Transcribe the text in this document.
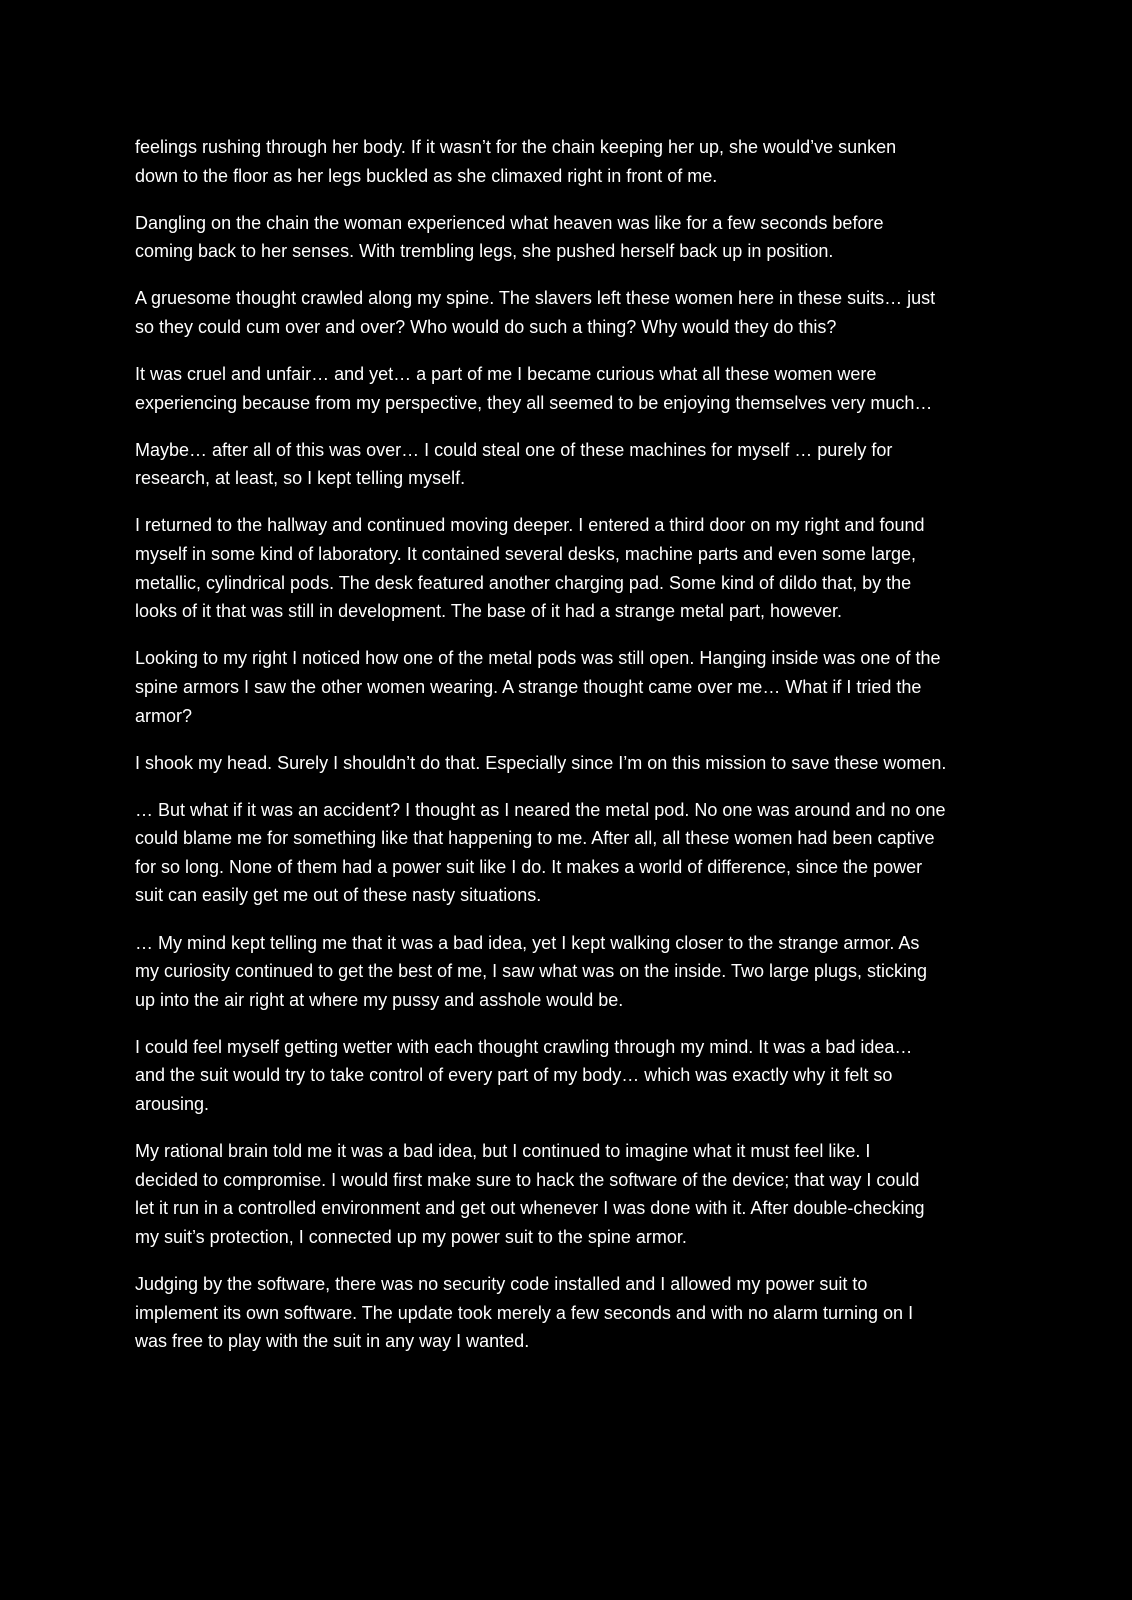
feelings rushing through her body. If it wasn’t for the chain keeping her up, she would’ve sunken
down to the floor as her legs buckled as she climaxed right in front of me.
Dangling on the chain the woman experienced what heaven was like for a few seconds before
coming back to her senses. With trembling legs, she pushed herself back up in position.
A gruesome thought crawled along my spine. The slavers left these women here in these suits… just
so they could cum over and over? Who would do such a thing? Why would they do this?
It was cruel and unfair… and yet… a part of me I became curious what all these women were
experiencing because from my perspective, they all seemed to be enjoying themselves very much…
Maybe… after all of this was over… I could steal one of these machines for myself … purely for
research, at least, so I kept telling myself.
I returned to the hallway and continued moving deeper. I entered a third door on my right and found
myself in some kind of laboratory. It contained several desks, machine parts and even some large,
metallic, cylindrical pods. The desk featured another charging pad. Some kind of dildo that, by the
looks of it that was still in development. The base of it had a strange metal part, however.
Looking to my right I noticed how one of the metal pods was still open. Hanging inside was one of the
spine armors I saw the other women wearing. A strange thought came over me… What if I tried the
armor?
I shook my head. Surely I shouldn’t do that. Especially since I’m on this mission to save these women.
… But what if it was an accident? I thought as I neared the metal pod. No one was around and no one
could blame me for something like that happening to me. After all, all these women had been captive
for so long. None of them had a power suit like I do. It makes a world of difference, since the power
suit can easily get me out of these nasty situations.
… My mind kept telling me that it was a bad idea, yet I kept walking closer to the strange armor. As
my curiosity continued to get the best of me, I saw what was on the inside. Two large plugs, sticking
up into the air right at where my pussy and asshole would be.
I could feel myself getting wetter with each thought crawling through my mind. It was a bad idea…
and the suit would try to take control of every part of my body… which was exactly why it felt so
arousing.
My rational brain told me it was a bad idea, but I continued to imagine what it must feel like. I
decided to compromise. I would first make sure to hack the software of the device; that way I could
let it run in a controlled environment and get out whenever I was done with it. After double-checking
my suit’s protection, I connected up my power suit to the spine armor.
Judging by the software, there was no security code installed and I allowed my power suit to
implement its own software. The update took merely a few seconds and with no alarm turning on I
was free to play with the suit in any way I wanted.
